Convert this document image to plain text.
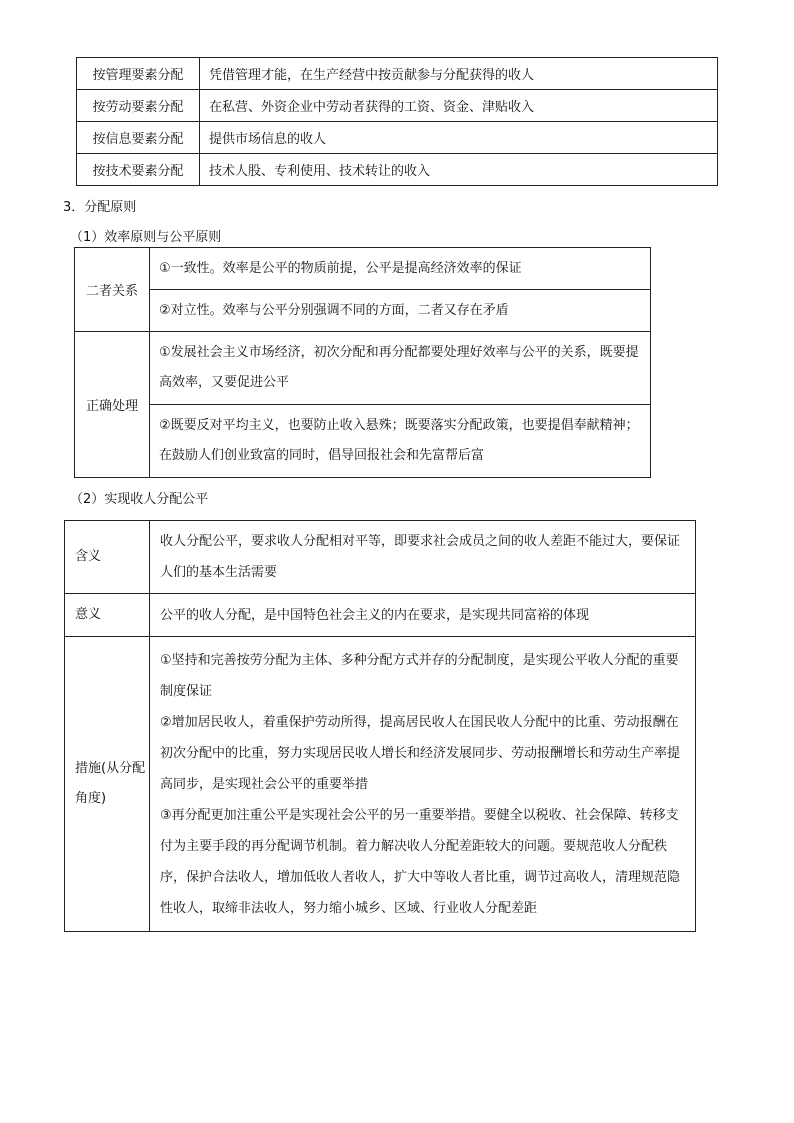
按管理要素分配	凭借管理才能，在生产经营中按贡献参与分配获得的收人
按劳动要素分配	在私营、外资企业中劳动者获得的工资、资金、津贴收入
按信息要素分配	提供市场信息的收人
按技术要素分配	技术人股、专利使用、技术转让的收入
3．分配原则
（1）效率原则与公平原则
二者关系	①一致性。效率是公平的物质前提，公平是提高经济效率的保证
	②对立性。效率与公平分别强调不同的方面，二者又存在矛盾
正确处理	①发展社会主义市场经济，初次分配和再分配都要处理好效率与公平的关系，既要提高效率，又要促进公平
	②既要反对平均主义，也要防止收入悬殊；既要落实分配政策，也要提倡奉献精神；在鼓励人们创业致富的同时，倡导回报社会和先富帮后富
（2）实现收人分配公平
含义	收人分配公平，要求收人分配相对平等，即要求社会成员之间的收人差距不能过大，要保证人们的基本生活需要
意义	公平的收人分配，是中国特色社会主义的内在要求，是实现共同富裕的体现
措施(从分配角度)	①坚持和完善按劳分配为主体、多种分配方式并存的分配制度，是实现公平收人分配的重要制度保证
②增加居民收人，着重保护劳动所得，提高居民收人在国民收人分配中的比重、劳动报酬在初次分配中的比重，努力实现居民收人增长和经济发展同步、劳动报酬增长和劳动生产率提高同步，是实现社会公平的重要举措
③再分配更加注重公平是实现社会公平的另一重要举措。要健全以税收、社会保障、转移支付为主要手段的再分配调节机制。着力解决收人分配差距较大的问题。要规范收人分配秩序，保护合法收人，增加低收人者收人，扩大中等收人者比重，调节过高收人，清理规范隐性收人，取缔非法收人，努力缩小城乡、区域、行业收人分配差距
